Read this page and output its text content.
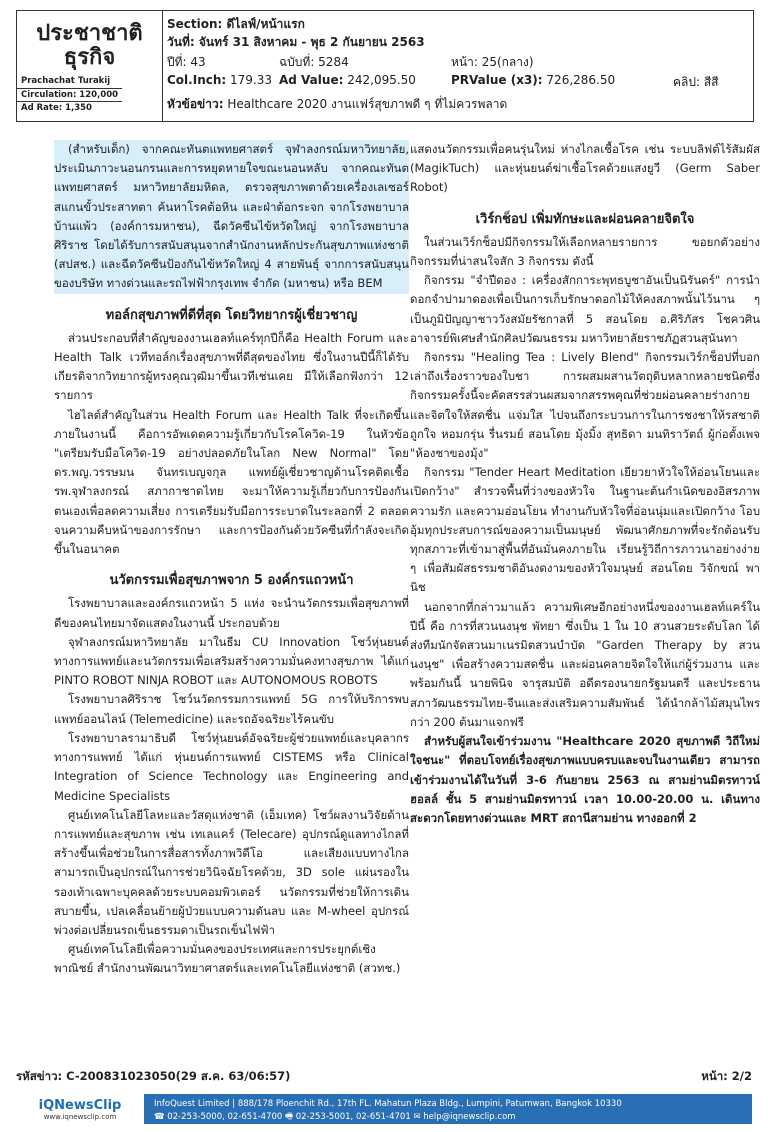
ประชาชาติ
ธุรกิจ
Prachachat Turakij
Circulation: 120,000
Ad Rate: 1,350
Section: ดีไลฟ์/หน้าแรก
วันที่: จันทร์ 31 สิงหาคม - พุธ 2 กันยายน 2563
ปีที่: 43	ฉบับที่: 5284	หน้า: 25(กลาง)
Col.Inch: 179.33 Ad Value: 242,095.50	PRValue (x3): 726,286.50	คลิป: สีสี
หัวข้อข่าว: Healthcare 2020 งานแฟร์สุขภาพดี ๆ ที่ไม่ควรพลาด

(สำหรับเด็ก) จากคณะทันตแพทยศาสตร์ จุฬาลงกรณ์มหาวิทยาลัย, ประเมินภาวะนอนกรนและการหยุดหายใจขณะนอนหลับ จากคณะทันตแพทยศาสตร์ มหาวิทยาลัยมหิดล, ตรวจสุขภาพตาด้วยเครื่องเลเซอร์สแกนขั้วประสาทตา ค้นหาโรคต้อหิน และฝ่าต้อกระจก จากโรงพยาบาลบ้านแพ้ว (องค์การมหาชน), ฉีดวัคซีนไข้หวัดใหญ่ จากโรงพยาบาลศิริราช โดยได้รับการสนับสนุนจากสำนักงานหลักประกันสุขภาพแห่งชาติ (สปสช.) และฉีดวัคซีนป้องกันไข้หวัดใหญ่ 4 สายพันธุ์ จากการสนับสนุนของบริษัท ทางด่วนและรถไฟฟ้ากรุงเทพ จำกัด (มหาชน) หรือ BEM

ทอล์กสุขภาพที่ดีที่สุด โดยวิทยากรผู้เชี่ยวชาญ

ส่วนประกอบที่สำคัญของงานเฮลท์แคร์ทุกปีก็คือ Health Forum และ Health Talk เวทีทอล์กเรื่องสุขภาพที่ดีสุดของไทย ซึ่งในงานปีนี้ก็ได้รับเกียรติจากวิทยากรผู้ทรงคุณวุฒิมาขึ้นเวทีเช่นเคย มีให้เลือกฟังกว่า 12 รายการ

ไฮไลต์สำคัญในส่วน Health Forum และ Health Talk ที่จะเกิดขึ้นภายในงานนี้ คือการอัพเดตความรู้เกี่ยวกับโรคโควิด-19 ในหัวข้อ "เตรียมรับมือโควิด-19 อย่างปลอดภัยในโลก New Normal" โดย ดร.พญ.วรรษมน จันทรเบญจกุล แพทย์ผู้เชี่ยวชาญด้านโรคติดเชื้อ รพ.จุฬาลงกรณ์ สภากาชาดไทย จะมาให้ความรู้เกี่ยวกับการป้องกันตนเองเพื่อลดความเสี่ยง การเตรียมรับมือการระบาดในระลอกที่ 2 ตลอดจนความคืบหน้าของการรักษา และการป้องกันด้วยวัคซีนที่กำลังจะเกิดขึ้นในอนาคต

นวัตกรรมเพื่อสุขภาพจาก 5 องค์กรแถวหน้า

โรงพยาบาลและองค์กรแถวหน้า 5 แห่ง จะนำนวัตกรรมเพื่อสุขภาพที่ดีของคนไทยมาจัดแสดงในงานนี้ ประกอบด้วย

จุฬาลงกรณ์มหาวิทยาลัย มาในธีม CU Innovation โชว์หุ่นยนต์ทางการแพทย์และนวัตกรรมเพื่อเสริมสร้างความมั่นคงทางสุขภาพ ได้แก่ PINTO ROBOT NINJA ROBOT และ AUTONOMOUS ROBOTS

โรงพยาบาลศิริราช โชว์นวัตกรรมการแพทย์ 5G การให้บริการพบแพทย์ออนไลน์ (Telemedicine) และรถอัจฉริยะไร้คนขับ

โรงพยาบาลรามาธิบดี โชว์หุ่นยนต์อัจฉริยะผู้ช่วยแพทย์และบุคลากรทางการแพทย์ ได้แก่ หุ่นยนต์การแพทย์ CISTEMS หรือ Clinical Integration of Science Technology และ Engineering and Medicine Specialists

ศูนย์เทคโนโลยีโลหะและวัสดุแห่งชาติ (เอ็มเทค) โชว์ผลงานวิจัยด้านการแพทย์และสุขภาพ เช่น เทเลแคร์ (Telecare) อุปกรณ์ดูแลทางไกลที่สร้างขึ้นเพื่อช่วยในการสื่อสารทั้งภาพวิดีโอ และเสียงแบบทางไกล สามารถเป็นอุปกรณ์ในการช่วยวินิจฉัยโรคด้วย, 3D sole แผ่นรองในรองเท้าเฉพาะบุคคลด้วยระบบคอมพิวเตอร์ นวัตกรรมที่ช่วยให้การเดินสบายขึ้น, เปลเคลื่อนย้ายผู้ป่วยแบบความดันลบ และ M-wheel อุปกรณ์พ่วงต่อเปลี่ยนรถเข็นธรรมดาเป็นรถเข็นไฟฟ้า

ศูนย์เทคโนโลยีเพื่อความมั่นคงของประเทศและการประยุกต์เชิงพาณิชย์ สำนักงานพัฒนาวิทยาศาสตร์และเทคโนโลยีแห่งชาติ (สวทช.)

แสดงนวัตกรรมเพื่อคนรุ่นใหม่ ห่างไกลเชื้อโรค เช่น ระบบลิฟต์ไร้สัมผัส (MagikTuch) และหุ่นยนต์ฆ่าเชื้อโรคด้วยแสงยูวี (Germ Saber Robot)

เวิร์กช็อป เพิ่มทักษะและผ่อนคลายจิตใจ

ในส่วนเวิร์กช็อปมีกิจกรรมให้เลือกหลายรายการ ขอยกตัวอย่างกิจกรรมที่น่าสนใจสัก 3 กิจกรรม ดังนี้

กิจกรรม "จำปีดอง : เครื่องสักการะพุทธบูชาอันเป็นนิรันดร์" การนำดอกจำปามาดองเพื่อเป็นการเก็บรักษาดอกไม้ให้คงสภาพนั้นไว้นาน ๆ เป็นภูมิปัญญาชาววังสมัยรัชกาลที่ 5 สอนโดย อ.ศิริภัสร โชควศิน อาจารย์พิเศษสำนักศิลปวัฒนธรรม มหาวิทยาลัยราชภัฏสวนสุนันทา

กิจกรรม "Healing Tea : Lively Blend" กิจกรรมเวิร์กช็อปที่บอกเล่าถึงเรื่องราวของใบชา การผสมผสานวัตถุดิบหลากหลายชนิดซึ่งกิจกรรมครั้งนี้จะคัดสรรส่วนผสมจากสรรพคุณที่ช่วยผ่อนคลายร่างกายและจิตใจให้สดชื่น แจ่มใส ไปจนถึงกระบวนการในการชงชาให้รสชาติถูกใจ หอมกรุ่น รื่นรมย์ สอนโดย มุ้งมิ้ง สุทธิดา มนทิราวัตถ์ ผู้ก่อตั้งเพจ "ห้องชาของมุ้ง"

กิจกรรม "Tender Heart Meditation เยียวยาหัวใจให้อ่อนโยนและเปิดกว้าง" สำรวจพื้นที่ว่างของหัวใจ ในฐานะต้นกำเนิดของอิสรภาพ ความรัก และความอ่อนโยน ทำงานกับหัวใจที่อ่อนนุ่มและเปิดกว้าง โอบอุ้มทุกประสบการณ์ของความเป็นมนุษย์ พัฒนาศักยภาพที่จะรักต้อนรับทุกสภาวะที่เข้ามาสู่พื้นที่อันมั่นคงภายใน เรียนรู้วิถีการภาวนาอย่างง่าย ๆ เพื่อสัมผัสธรรมชาติอันงดงามของหัวใจมนุษย์ สอนโดย วิจักขณ์ พานิช

นอกจากที่กล่าวมาแล้ว ความพิเศษอีกอย่างหนึ่งของงานเฮลท์แคร์ในปีนี้ คือ การที่สวนนงนุช พัทยา ซึ่งเป็น 1 ใน 10 สวนสวยระดับโลก ได้ส่งทีมนักจัดสวนมาเนรมิตสวนบำบัด "Garden Therapy by สวนนงนุช" เพื่อสร้างความสดชื่น และผ่อนคลายจิตใจให้แก่ผู้ร่วมงาน และพร้อมกันนี้ นายพินิจ จารุสมบัติ อดีตรองนายกรัฐมนตรี และประธานสภาวัฒนธรรมไทย-จีนและส่งเสริมความสัมพันธ์ ได้นำกล้าไม้สมุนไพรกว่า 200 ต้นมาแจกฟรี

สำหรับผู้สนใจเข้าร่วมงาน "Healthcare 2020 สุขภาพดี วิถีใหม่ใจชนะ" ที่ตอบโจทย์เรื่องสุขภาพแบบครบและจบในงานเดียว สามารถเข้าร่วมงานได้ในวันที่ 3-6 กันยายน 2563 ณ สามย่านมิตรทาวน์ ฮอลล์ ชั้น 5 สามย่านมิตรทาวน์ เวลา 10.00-20.00 น. เดินทางสะดวกโดยทางด่วนและ MRT สถานีสามย่าน ทางออกที่ 2

รหัสข่าว: C-200831023050(29 ส.ค. 63/06:57)	หน้า: 2/2
iQNewsClip
www.iqnewsclip.com
InfoQuest Limited | 888/178 Ploenchit Rd., 17th FL. Mahatun Plaza Bldg., Lumpini, Patumwan, Bangkok 10330
☎ 02-253-5000, 02-651-4700 🖷 02-253-5001, 02-651-4701 ✉ help@iqnewsclip.com
